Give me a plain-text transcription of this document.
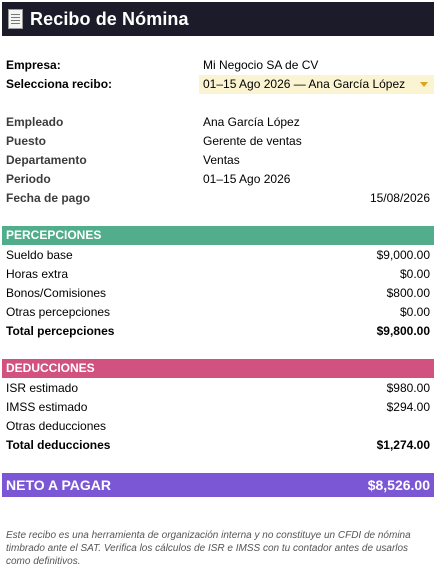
Recibo de Nómina
Empresa:	Mi Negocio SA de CV
Selecciona recibo:	01–15 Ago 2026 — Ana García López
Empleado	Ana García López
Puesto	Gerente de ventas
Departamento	Ventas
Periodo	01–15 Ago 2026
Fecha de pago	15/08/2026
PERCEPCIONES
Sueldo base	$9,000.00
Horas extra	$0.00
Bonos/Comisiones	$800.00
Otras percepciones	$0.00
Total percepciones	$9,800.00
DEDUCCIONES
ISR estimado	$980.00
IMSS estimado	$294.00
Otras deducciones
Total deducciones	$1,274.00
NETO A PAGAR	$8,526.00
Este recibo es una herramienta de organización interna y no constituye un CFDI de nómina timbrado ante el SAT. Verifica los cálculos de ISR e IMSS con tu contador antes de usarlos como definitivos.
